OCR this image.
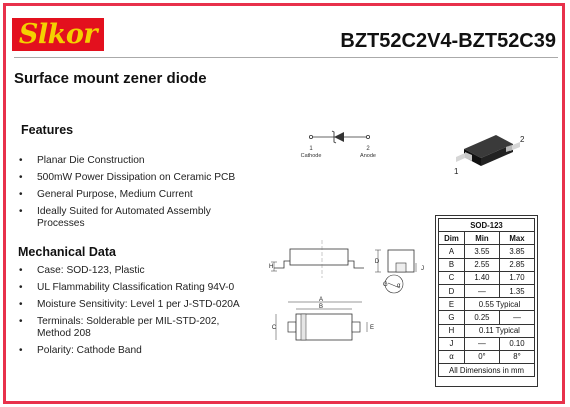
Slkor	BZT52C2V4-BZT52C39
Surface mount zener diode
Features
• Planar Die Construction
• 500mW Power Dissipation on Ceramic PCB
• General Purpose, Medium Current
• Ideally Suited for Automated Assembly
Processes
Mechanical Data
• Case: SOD-123, Plastic
• UL Flammability Classification Rating 94V-0
• Moisture Sensitivity: Level 1 per J-STD-020A
• Terminals: Solderable per MIL-STD-202,
Method 208
• Polarity: Cathode Band
1	2
Cathode	Anode
2
1
H
D
J
G α
A
B
C	E
SOD-123		
Dim	Min	Max
A	3.55	3.85
B	2.55	2.85
C	1.40	1.70
D	—	1.35
E	0.55 Typical	
G	0.25	—
H	0.11 Typical	
J	—	0.10
α	0°	8°
All Dimensions in mm		
